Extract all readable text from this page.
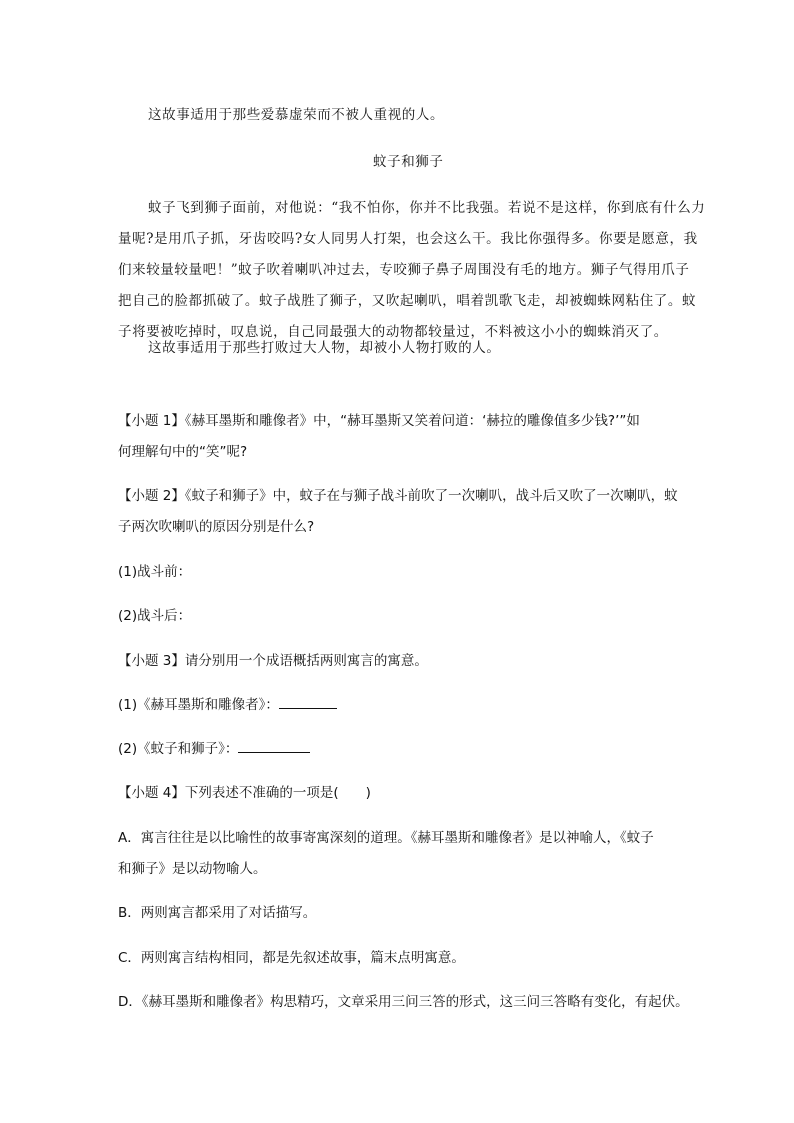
这故事适用于那些爱慕虚荣而不被人重视的人。
蚊子和狮子
蚊子飞到狮子面前，对他说：“我不怕你，你并不比我强。若说不是这样，你到底有什么力
量呢?是用爪子抓，牙齿咬吗?女人同男人打架，也会这么干。我比你强得多。你要是愿意，我
们来较量较量吧！”蚊子吹着喇叭冲过去，专咬狮子鼻子周围没有毛的地方。狮子气得用爪子
把自己的脸都抓破了。蚊子战胜了狮子，又吹起喇叭，唱着凯歌飞走，却被蜘蛛网粘住了。蚊
子将要被吃掉时，叹息说，自己同最强大的动物都较量过，不料被这小小的蜘蛛消灭了。
这故事适用于那些打败过大人物，却被小人物打败的人。
【小题 1】《赫耳墨斯和雕像者》中，“赫耳墨斯又笑着问道：‘赫拉的雕像值多少钱?’”如
何理解句中的“笑”呢?
【小题 2】《蚊子和狮子》中，蚊子在与狮子战斗前吹了一次喇叭，战斗后又吹了一次喇叭，蚊
子两次吹喇叭的原因分别是什么?
(1)战斗前：
(2)战斗后：
【小题 3】请分别用一个成语概括两则寓言的寓意。
(1)《赫耳墨斯和雕像者》：
(2)《蚊子和狮子》：
【小题 4】下列表述不准确的一项是(　　)
A．寓言往往是以比喻性的故事寄寓深刻的道理。《赫耳墨斯和雕像者》是以神喻人，《蚊子
和狮子》是以动物喻人。
B．两则寓言都采用了对话描写。
C．两则寓言结构相同，都是先叙述故事，篇末点明寓意。
D．《赫耳墨斯和雕像者》构思精巧，文章采用三问三答的形式，这三问三答略有变化，有起伏。
